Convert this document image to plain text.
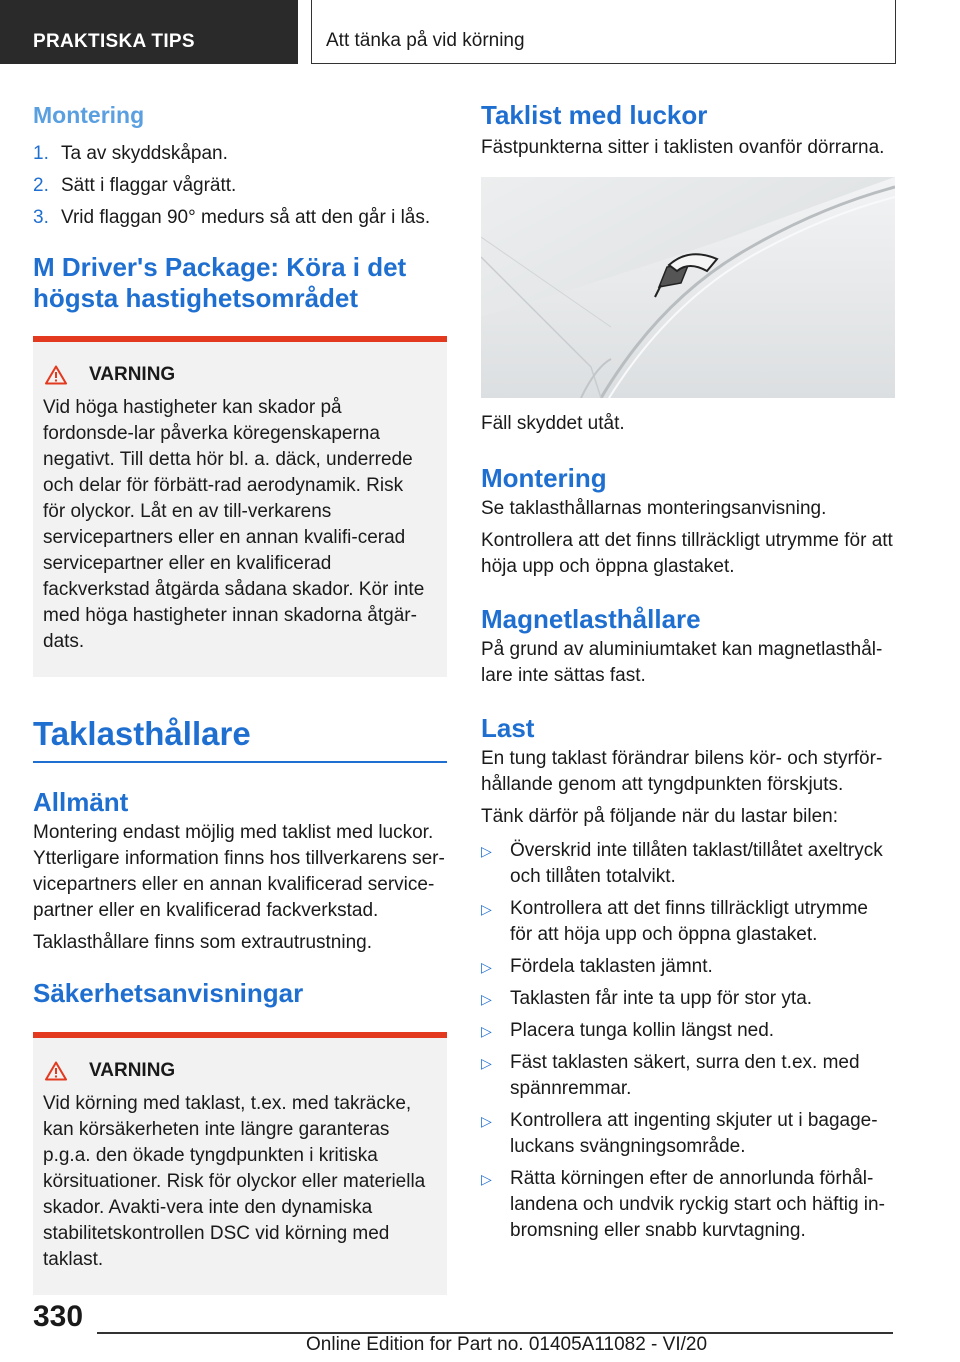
PRAKTISKA TIPS	Att tänka på vid körning
Montering
1. Ta av skyddskåpan.
2. Sätt i flaggar vågrätt.
3. Vrid flaggan 90° medurs så att den går i lås.
M Driver's Package: Köra i det
högsta hastighetsområdet
VARNING
Vid höga hastigheter kan skador på fordonsde-lar påverka köregenskaperna negativt. Till detta hör bl. a. däck, underrede och delar för förbätt-rad aerodynamik. Risk för olyckor. Låt en av till-verkarens servicepartners eller en annan kvalifi-cerad servicepartner eller en kvalificerad fackverkstad åtgärda sådana skador. Kör inte med höga hastigheter innan skadorna åtgär-dats.
Taklasthållare
Allmänt

Montering endast möjlig med taklist med luckor. Ytterligare information finns hos tillverkarens ser-vicepartners eller en annan kvalificerad service-partner eller en kvalificerad fackverkstad.

Taklasthållare finns som extrautrustning.

Säkerhetsanvisningar
VARNING
Vid körning med taklast, t.ex. med takräcke, kan körsäkerheten inte längre garanteras p.g.a. den ökade tyngdpunkten i kritiska körsituationer. Risk för olyckor eller materiella skador. Avakti-vera inte den dynamiska stabilitetskontrollen DSC vid körning med taklast.
Taklist med luckor

Fästpunkterna sitter i taklisten ovanför dörrarna.

Fäll skyddet utåt.

Montering

Se taklasthållarnas monteringsanvisning.

Kontrollera att det finns tillräckligt utrymme för att höja upp och öppna glastaket.

Magnetlasthållare

På grund av aluminiumtaket kan magnetlasthål-lare inte sättas fast.

Last

En tung taklast förändrar bilens kör- och styrför-hållande genom att tyngdpunkten förskjuts.

Tänk därför på följande när du lastar bilen:

▷ Överskrid inte tillåten taklast/tillåtet axeltryck och tillåten totalvikt.
▷ Kontrollera att det finns tillräckligt utrymme för att höja upp och öppna glastaket.
▷ Fördela taklasten jämnt.
▷ Taklasten får inte ta upp för stor yta.
▷ Placera tunga kollin längst ned.
▷ Fäst taklasten säkert, surra den t.ex. med spännremmar.
▷ Kontrollera att ingenting skjuter ut i bagage-luckans svängningsområde.
▷ Rätta körningen efter de annorlunda förhål-landena och undvik ryckig start och häftig in-bromsning eller snabb kurvtagning.
330
Online Edition for Part no. 01405A11082 - VI/20
